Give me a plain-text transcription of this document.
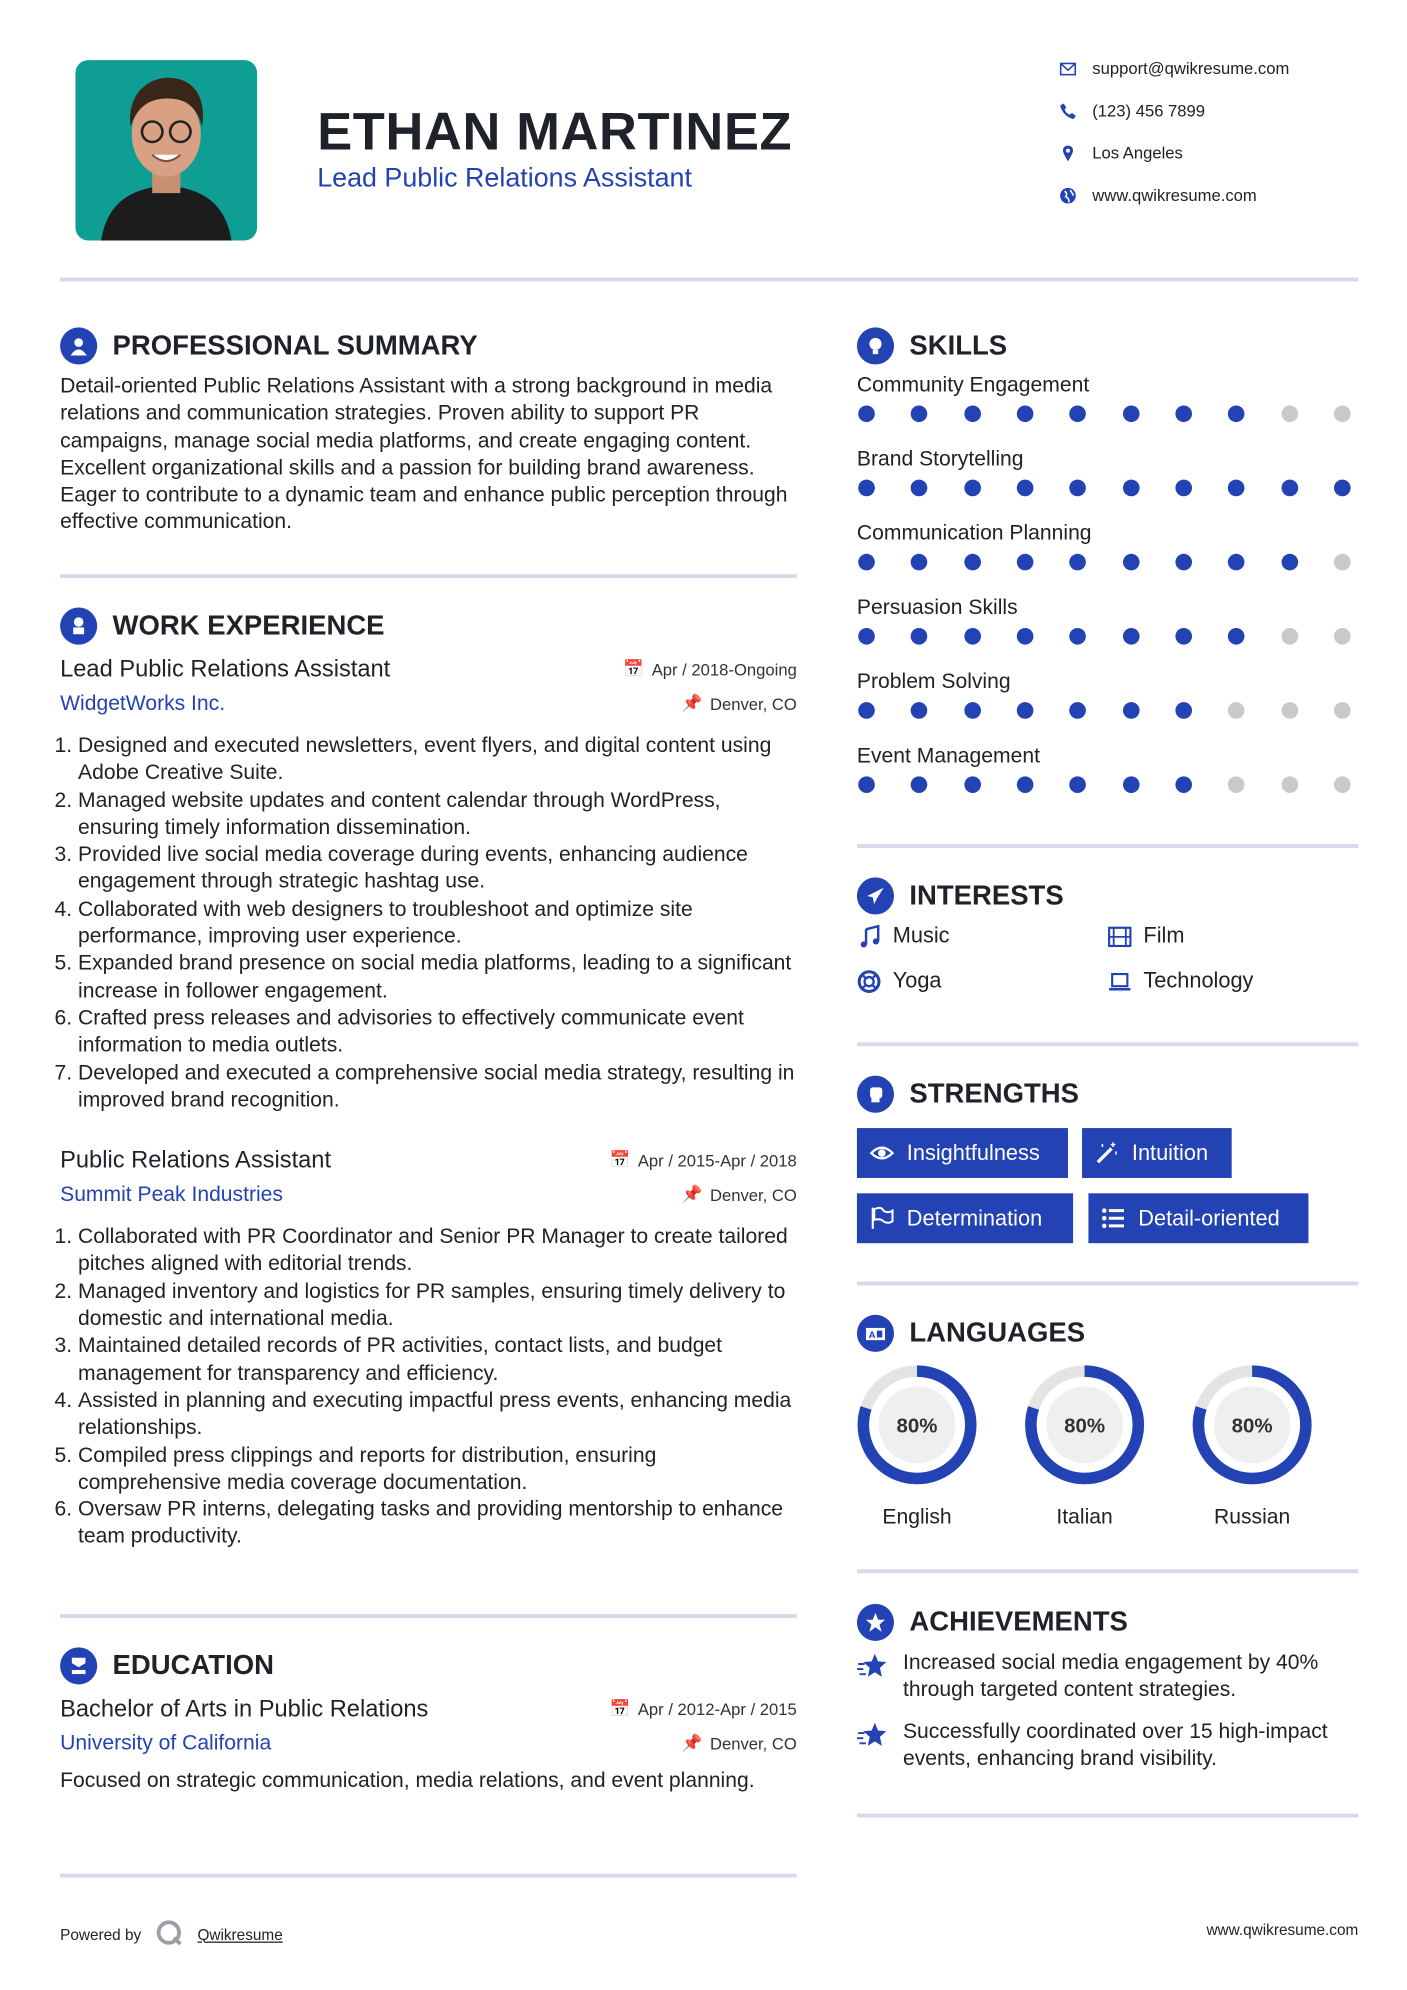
ETHAN MARTINEZ
Lead Public Relations Assistant
support@qwikresume.com
(123) 456 7899
Los Angeles
www.qwikresume.com
PROFESSIONAL SUMMARY
Detail-oriented Public Relations Assistant with a strong background in media relations and communication strategies. Proven ability to support PR campaigns, manage social media platforms, and create engaging content. Excellent organizational skills and a passion for building brand awareness. Eager to contribute to a dynamic team and enhance public perception through effective communication.
WORK EXPERIENCE
Lead Public Relations Assistant	📅 Apr / 2018-Ongoing
WidgetWorks Inc.	📌 Denver, CO
1. Designed and executed newsletters, event flyers, and digital content using Adobe Creative Suite.
2. Managed website updates and content calendar through WordPress, ensuring timely information dissemination.
3. Provided live social media coverage during events, enhancing audience engagement through strategic hashtag use.
4. Collaborated with web designers to troubleshoot and optimize site performance, improving user experience.
5. Expanded brand presence on social media platforms, leading to a significant increase in follower engagement.
6. Crafted press releases and advisories to effectively communicate event information to media outlets.
7. Developed and executed a comprehensive social media strategy, resulting in improved brand recognition.
Public Relations Assistant	📅 Apr / 2015-Apr / 2018
Summit Peak Industries	📌 Denver, CO
1. Collaborated with PR Coordinator and Senior PR Manager to create tailored pitches aligned with editorial trends.
2. Managed inventory and logistics for PR samples, ensuring timely delivery to domestic and international media.
3. Maintained detailed records of PR activities, contact lists, and budget management for transparency and efficiency.
4. Assisted in planning and executing impactful press events, enhancing media relationships.
5. Compiled press clippings and reports for distribution, ensuring comprehensive media coverage documentation.
6. Oversaw PR interns, delegating tasks and providing mentorship to enhance team productivity.
EDUCATION
Bachelor of Arts in Public Relations	📅 Apr / 2012-Apr / 2015
University of California	📌 Denver, CO
Focused on strategic communication, media relations, and event planning.
Powered by	Qwikresume	www.qwikresume.com
SKILLS
Community Engagement
Brand Storytelling
Communication Planning
Persuasion Skills
Problem Solving
Event Management
INTERESTS
Music	Film
Yoga	Technology
STRENGTHS
Insightfulness	Intuition
Determination	Detail-oriented
A LANGUAGES
80%
English
80%
Italian
80%
Russian
ACHIEVEMENTS
Increased social media engagement by 40% through targeted content strategies.
Successfully coordinated over 15 high-impact events, enhancing brand visibility.
